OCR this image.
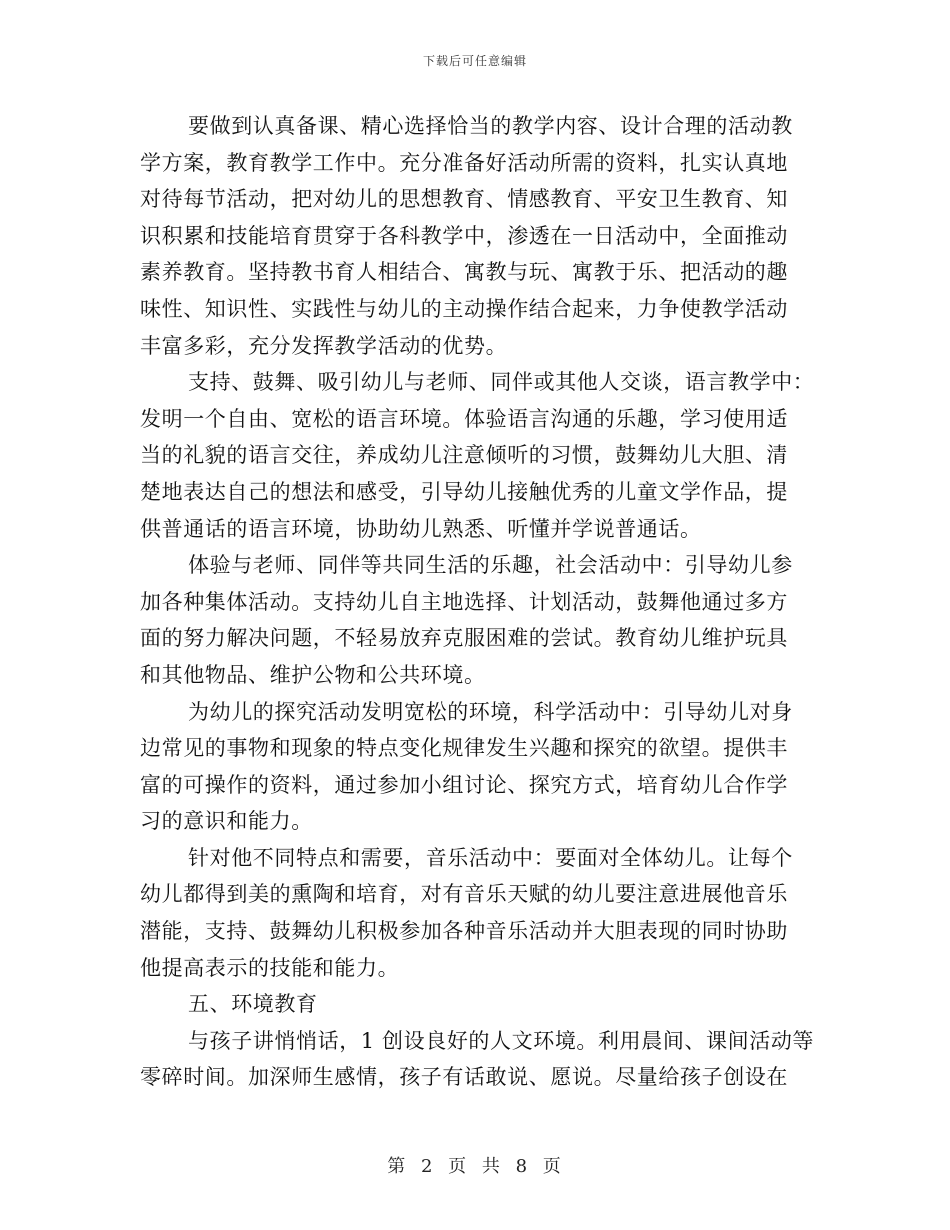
下载后可任意编辑
要做到认真备课、精心选择恰当的教学内容、设计合理的活动教
学方案，教育教学工作中。充分准备好活动所需的资料，扎实认真地
对待每节活动，把对幼儿的思想教育、情感教育、平安卫生教育、知
识积累和技能培育贯穿于各科教学中，渗透在一日活动中，全面推动
素养教育。坚持教书育人相结合、寓教与玩、寓教于乐、把活动的趣
味性、知识性、实践性与幼儿的主动操作结合起来，力争使教学活动
丰富多彩，充分发挥教学活动的优势。
支持、鼓舞、吸引幼儿与老师、同伴或其他人交谈，语言教学中：
发明一个自由、宽松的语言环境。体验语言沟通的乐趣，学习使用适
当的礼貌的语言交往，养成幼儿注意倾听的习惯，鼓舞幼儿大胆、清
楚地表达自己的想法和感受，引导幼儿接触优秀的儿童文学作品，提
供普通话的语言环境，协助幼儿熟悉、听懂并学说普通话。
体验与老师、同伴等共同生活的乐趣，社会活动中：引导幼儿参
加各种集体活动。支持幼儿自主地选择、计划活动，鼓舞他通过多方
面的努力解决问题，不轻易放弃克服困难的尝试。教育幼儿维护玩具
和其他物品、维护公物和公共环境。
为幼儿的探究活动发明宽松的环境，科学活动中：引导幼儿对身
边常见的事物和现象的特点变化规律发生兴趣和探究的欲望。提供丰
富的可操作的资料，通过参加小组讨论、探究方式，培育幼儿合作学
习的意识和能力。
针对他不同特点和需要，音乐活动中：要面对全体幼儿。让每个
幼儿都得到美的熏陶和培育，对有音乐天赋的幼儿要注意进展他音乐
潜能，支持、鼓舞幼儿积极参加各种音乐活动并大胆表现的同时协助
他提高表示的技能和能力。
五、环境教育
与孩子讲悄悄话，1 创设良好的人文环境。利用晨间、课间活动等
零碎时间。加深师生感情，孩子有话敢说、愿说。尽量给孩子创设在
第 2 页 共 8 页
